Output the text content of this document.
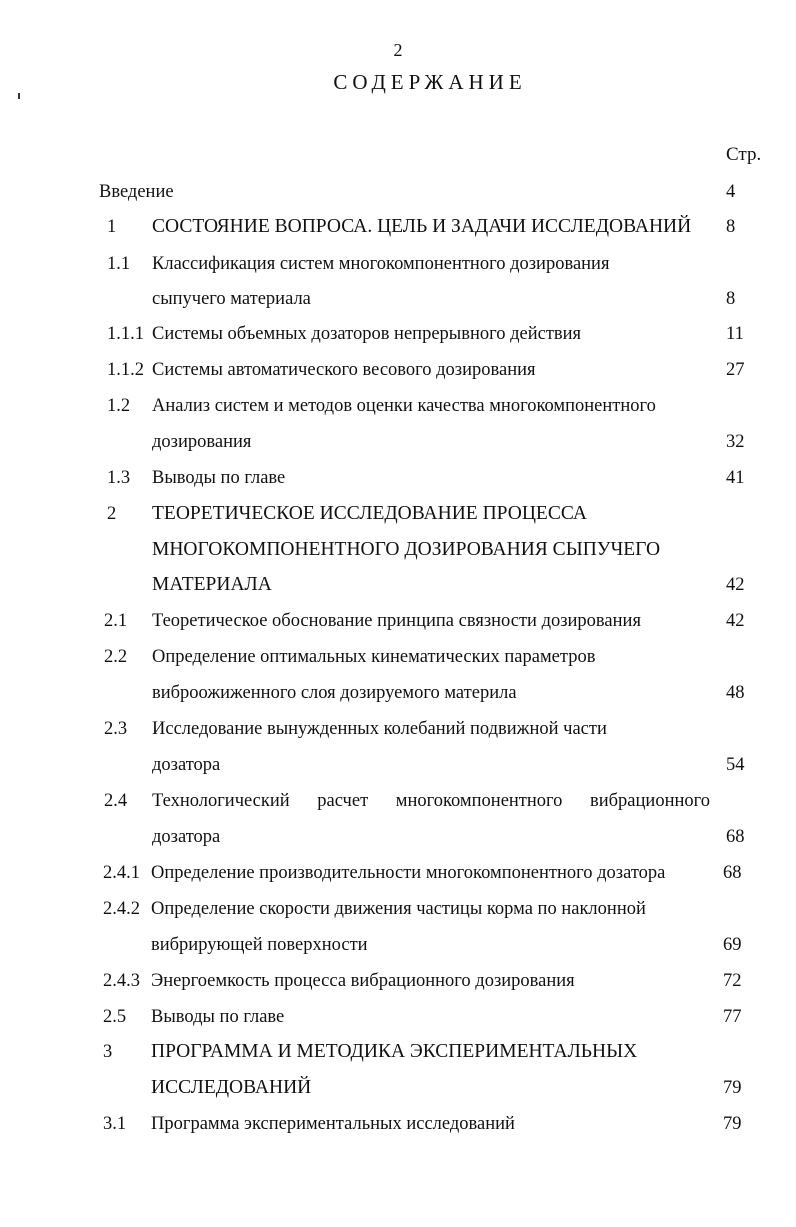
2
СОДЕРЖАНИЕ
Стр.
Введение	4
1 СОСТОЯНИЕ ВОПРОСА. ЦЕЛЬ И ЗАДАЧИ ИССЛЕДОВАНИЙ 8
1.1 Классификация систем многокомпонентного дозирования
сыпучего материала	8
1.1.1 Системы объемных дозаторов непрерывного действия	11
1.1.2 Системы автоматического весового дозирования	27
1.2 Анализ систем и методов оценки качества многокомпонентного
дозирования	32
1.3 Выводы по главе	41
2 ТЕОРЕТИЧЕСКОЕ ИССЛЕДОВАНИЕ ПРОЦЕССА
МНОГОКОМПОНЕНТНОГО ДОЗИРОВАНИЯ СЫПУЧЕГО
МАТЕРИАЛА	42
2.1 Теоретическое обоснование принципа связности дозирования	42
2.2 Определение оптимальных кинематических параметров
виброожиженного слоя дозируемого материла	48
2.3 Исследование вынужденных колебаний подвижной части
дозатора	54
2.4 Технологический расчет многокомпонентного вибрационного
дозатора	68
2.4.1 Определение производительности многокомпонентного дозатора	68
2.4.2 Определение скорости движения частицы корма по наклонной
вибрирующей поверхности	69
2.4.3 Энергоемкость процесса вибрационного дозирования	72
2.5 Выводы по главе	77
3 ПРОГРАММА И МЕТОДИКА ЭКСПЕРИМЕНТАЛЬНЫХ
ИССЛЕДОВАНИЙ	79
3.1 Программа экспериментальных исследований	79
